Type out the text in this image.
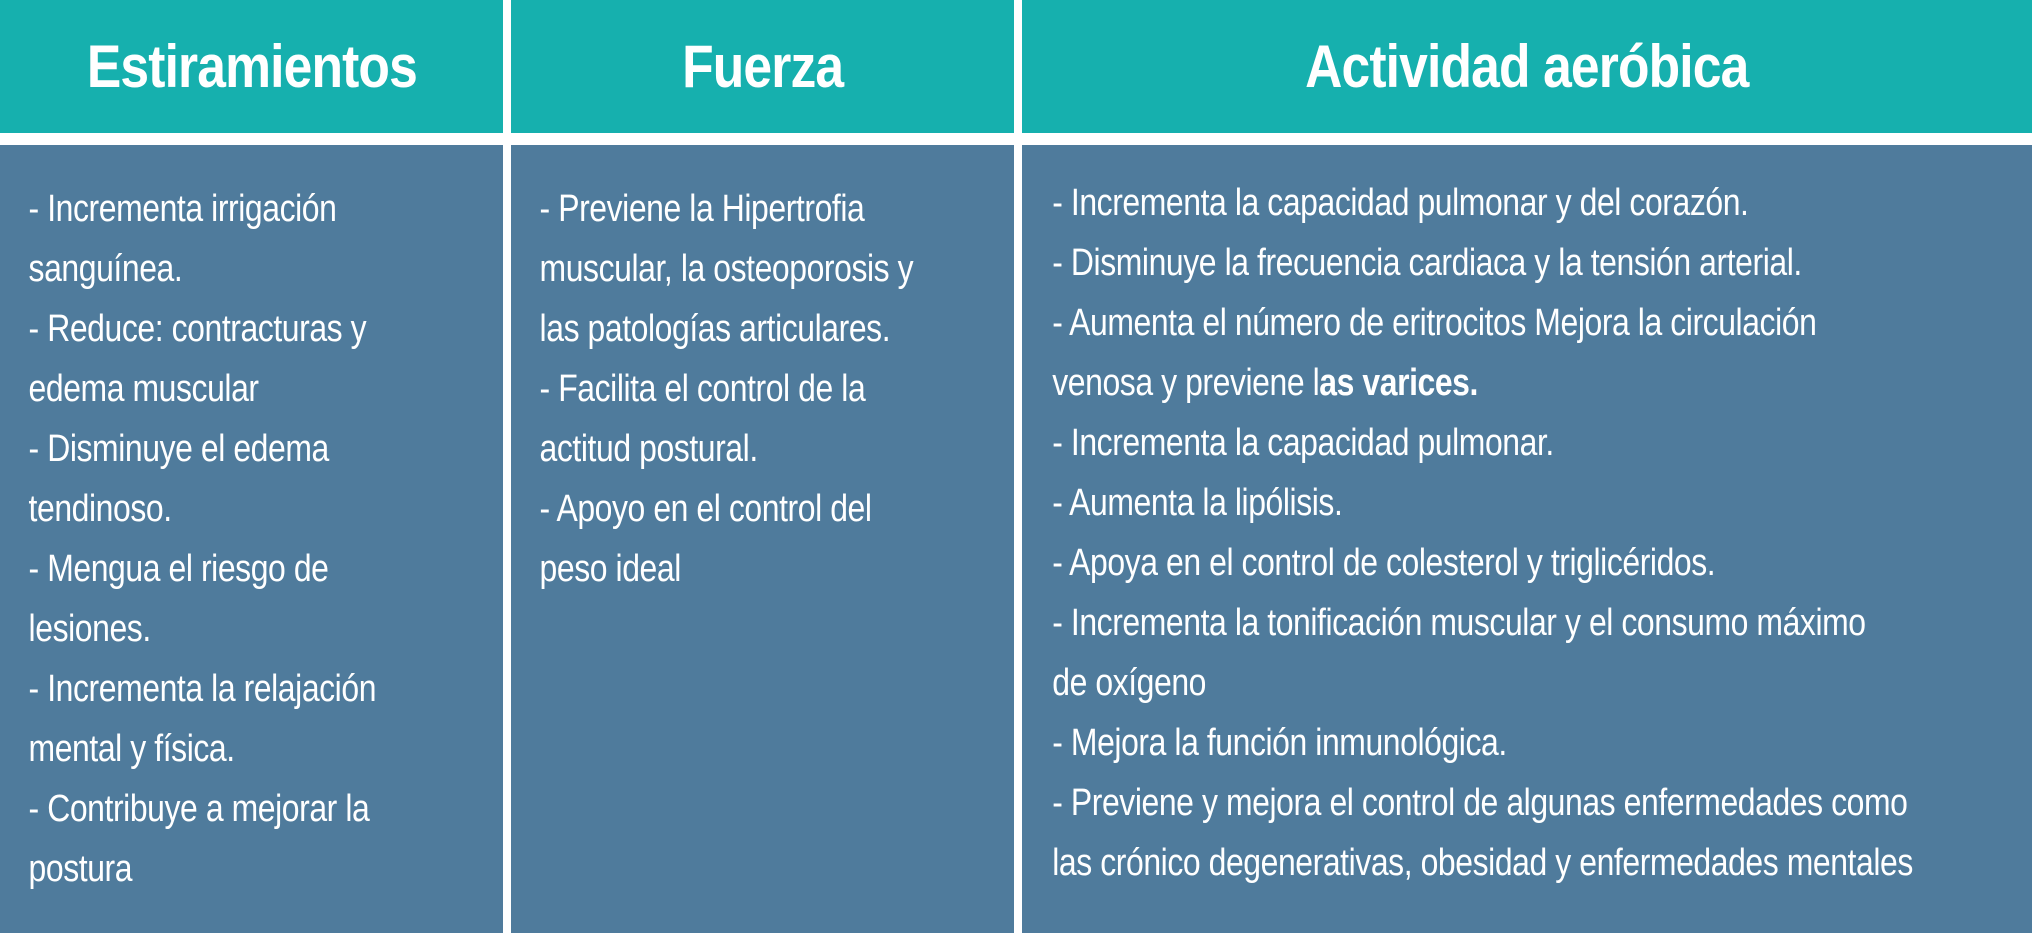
Estiramientos	Fuerza	Actividad aeróbica
- Incrementa irrigación
sanguínea.
- Reduce: contracturas y
edema muscular
- Disminuye el edema
tendinoso.
- Mengua el riesgo de
lesiones.
- Incrementa la relajación
mental y física.
- Contribuye a mejorar la
postura
- Previene la Hipertrofia
muscular, la osteoporosis y
las patologías articulares.
- Facilita el control de la
actitud postural.
- Apoyo en el control del
peso ideal
- Incrementa la capacidad pulmonar y del corazón.
- Disminuye la frecuencia cardiaca y la tensión arterial.
- Aumenta el número de eritrocitos Mejora la circulación
venosa y previene las varices.
- Incrementa la capacidad pulmonar.
- Aumenta la lipólisis.
- Apoya en el control de colesterol y triglicéridos.
- Incrementa la tonificación muscular y el consumo máximo
de oxígeno
- Mejora la función inmunológica.
- Previene y mejora el control de algunas enfermedades como
las crónico degenerativas, obesidad y enfermedades mentales
